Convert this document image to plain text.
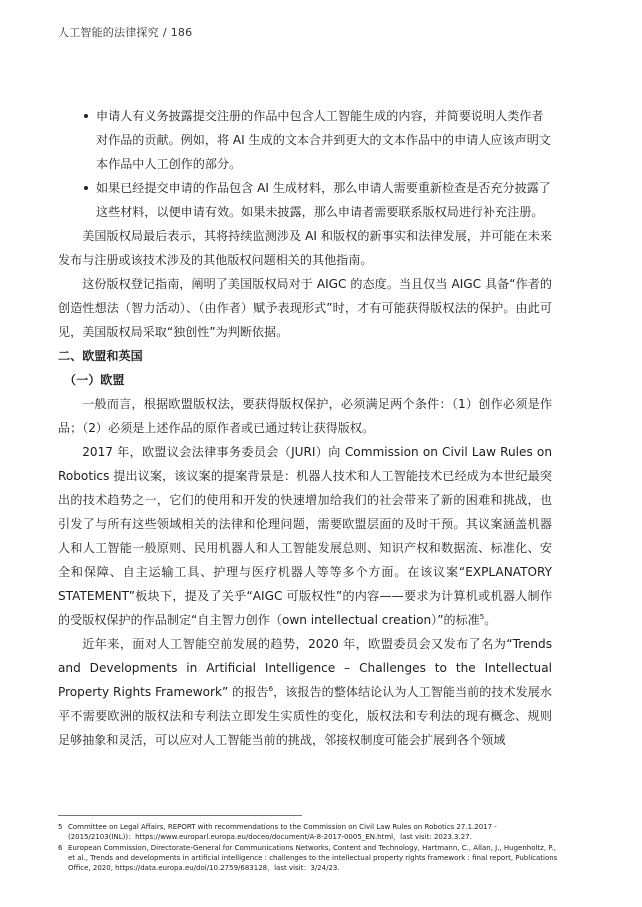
人工智能的法律探究 / 186
申请人有义务披露提交注册的作品中包含人工智能生成的内容，并简要说明人类作者对作品的贡献。例如，将 AI 生成的文本合并到更大的文本作品中的申请人应该声明文本作品中人工创作的部分。
如果已经提交申请的作品包含 AI 生成材料，那么申请人需要重新检查是否充分披露了这些材料，以便申请有效。如果未披露，那么申请者需要联系版权局进行补充注册。
美国版权局最后表示，其将持续监测涉及 AI 和版权的新事实和法律发展，并可能在未来发布与注册或该技术涉及的其他版权问题相关的其他指南。
这份版权登记指南，阐明了美国版权局对于 AIGC 的态度。当且仅当 AIGC 具备“作者的创造性想法（智力活动）、（由作者）赋予表现形式”时，才有可能获得版权法的保护。由此可见，美国版权局采取“独创性”为判断依据。
二、欧盟和英国
（一）欧盟
一般而言，根据欧盟版权法，要获得版权保护，必须满足两个条件：（1）创作必须是作品；（2）必须是上述作品的原作者或已通过转让获得版权。
2017 年，欧盟议会法律事务委员会（JURI）向 Commission on Civil Law Rules on Robotics 提出议案，该议案的提案背景是：机器人技术和人工智能技术已经成为本世纪最突出的技术趋势之一，它们的使用和开发的快速增加给我们的社会带来了新的困难和挑战，也引发了与所有这些领域相关的法律和伦理问题，需要欧盟层面的及时干预。其议案涵盖机器人和人工智能一般原则、民用机器人和人工智能发展总则、知识产权和数据流、标准化、安全和保障、自主运输工具、护理与医疗机器人等等多个方面。在该议案“EXPLANATORY STATEMENT”板块下，提及了关乎“AIGC 可版权性”的内容——要求为计算机或机器人制作的受版权保护的作品制定“自主智力创作（own intellectual creation）”的标准$^5$。
近年来，面对人工智能空前发展的趋势，2020 年，欧盟委员会又发布了名为“Trends and Developments in Artificial Intelligence – Challenges to the Intellectual Property Rights Framework” 的报告$^6$，该报告的整体结论认为人工智能当前的技术发展水平不需要欧洲的版权法和专利法立即发生实质性的变化，版权法和专利法的现有概念、规则足够抽象和灵活，可以应对人工智能当前的挑战，邻接权制度可能会扩展到各个领域
5 Committee on Legal Affairs, REPORT with recommendations to the Commission on Civil Law Rules on Robotics 27.1.2017 - (2015/2103(INL))：https://www.europarl.europa.eu/doceo/document/A-8-2017-0005_EN.html，last visit: 2023.3.27.
6 European Commission, Directorate-General for Communications Networks, Content and Technology, Hartmann, C., Allan, J., Hugenholtz, P., et al., Trends and developments in artificial intelligence : challenges to the intellectual property rights framework : final report, Publications Office, 2020, https://data.europa.eu/doi/10.2759/683128，last visit：3/24/23.
